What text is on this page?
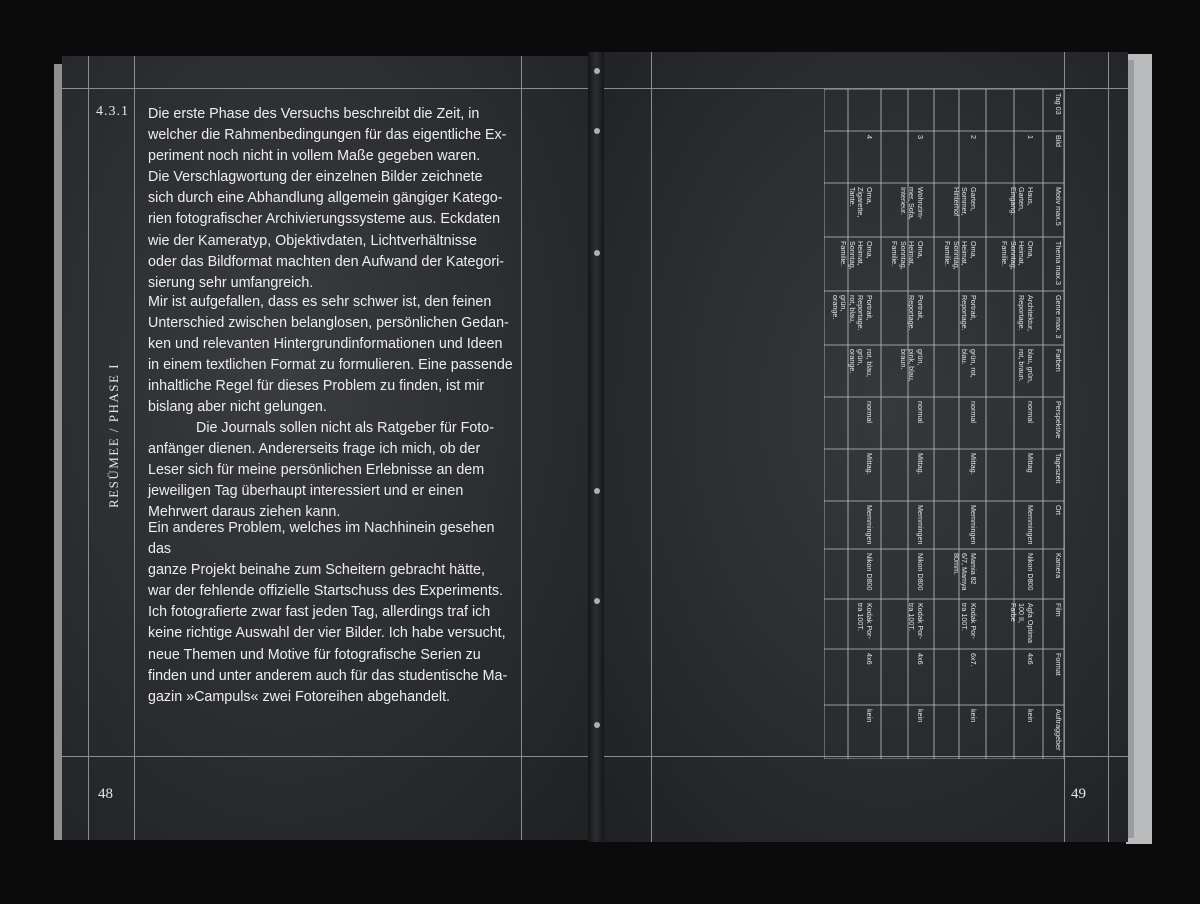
4.3.1
RESÜMEE / PHASE I

Die erste Phase des Versuchs beschreibt die Zeit, in

welcher die Rahmenbedingungen für das eigentliche Ex-

periment noch nicht in vollem Maße gegeben waren.

Die Verschlagwortung der einzelnen Bilder zeichnete

sich durch eine Abhandlung allgemein gängiger Katego-

rien fotografischer Archivierungssysteme aus. Eckdaten

wie der Kameratyp, Objektivdaten, Lichtverhältnisse

oder das Bildformat machten den Aufwand der Kategori-

sierung sehr umfangreich.

Mir ist aufgefallen, dass es sehr schwer ist, den feinen

Unterschied zwischen belanglosen, persönlichen Gedan-

ken und relevanten Hintergrundinformationen und Ideen

in einem textlichen Format zu formulieren. Eine passende

inhaltliche Regel für dieses Problem zu finden, ist mir

bislang aber nicht gelungen.

Die Journals sollen nicht als Ratgeber für Foto-

anfänger dienen. Andererseits frage ich mich, ob der

Leser sich für meine persönlichen Erlebnisse an dem

jeweiligen Tag überhaupt interessiert und er einen

Mehrwert daraus ziehen kann.

Ein anderes Problem, welches im Nachhinein gesehen das

ganze Projekt beinahe zum Scheitern gebracht hätte,

war der fehlende offizielle Startschuss des Experiments.

Ich fotografierte zwar fast jeden Tag, allerdings traf ich

keine richtige Auswahl der vier Bilder. Ich habe versucht,

neue Themen und Motive für fotografische Serien zu

finden und unter anderem auch für das studentische Ma-

gazin »Campuls« zwei Fotoreihen abgehandelt.

48	49
Tag 03
Bild
Motiv max.5
Thema max.3
Genre max. 3
Farben
Perspektive
Tageszeit
Ort
Kamera
Film
Format
Auftraggeber
1
Haus,
Garten,
Eingang.
Oma,
Heimat,
Sonntag,
Familie.
Architektur,
Reportage.
blau, grün,
rot, braun.
normal
Mittag
Memmingen
Nikon D800
Agfa Optima
100 II,
Farbe
4x6
kein
2
Garten,
Sommer,
Hinterhof
Oma,
Heimat,
Sonntag,
Familie.
Portrait,
Reportage.
grün, rot,
blau.
normal
Mittag.
Memmingen
Mamia 82
6/7, Mamya
80mm.
Kodak Por-
tra 100T.
6x7.
kein
3
Wohnzim-
mer, Sofa,
Interieur.
Oma,
Heimat,
Sonntag,
Familie.
Portrait,
Reportage.
grün,
pink, blau,
braun.
normal
Mittag.
Memmingen
Nikon D800
Kodak Por-
tra 100T.
4x6
kein
4
Oma,
Zigarette,
Tante.
Oma,
Heimat,
Sonntag,
Familie.
Portrait,
Reportage.
rot, blau,
grün,
orange.
rot, blau,
grün,
orange.
normal
Mittag.
Memmingen
Nikon D800
Kodak Por-
tra 100T.
4x6
kein
